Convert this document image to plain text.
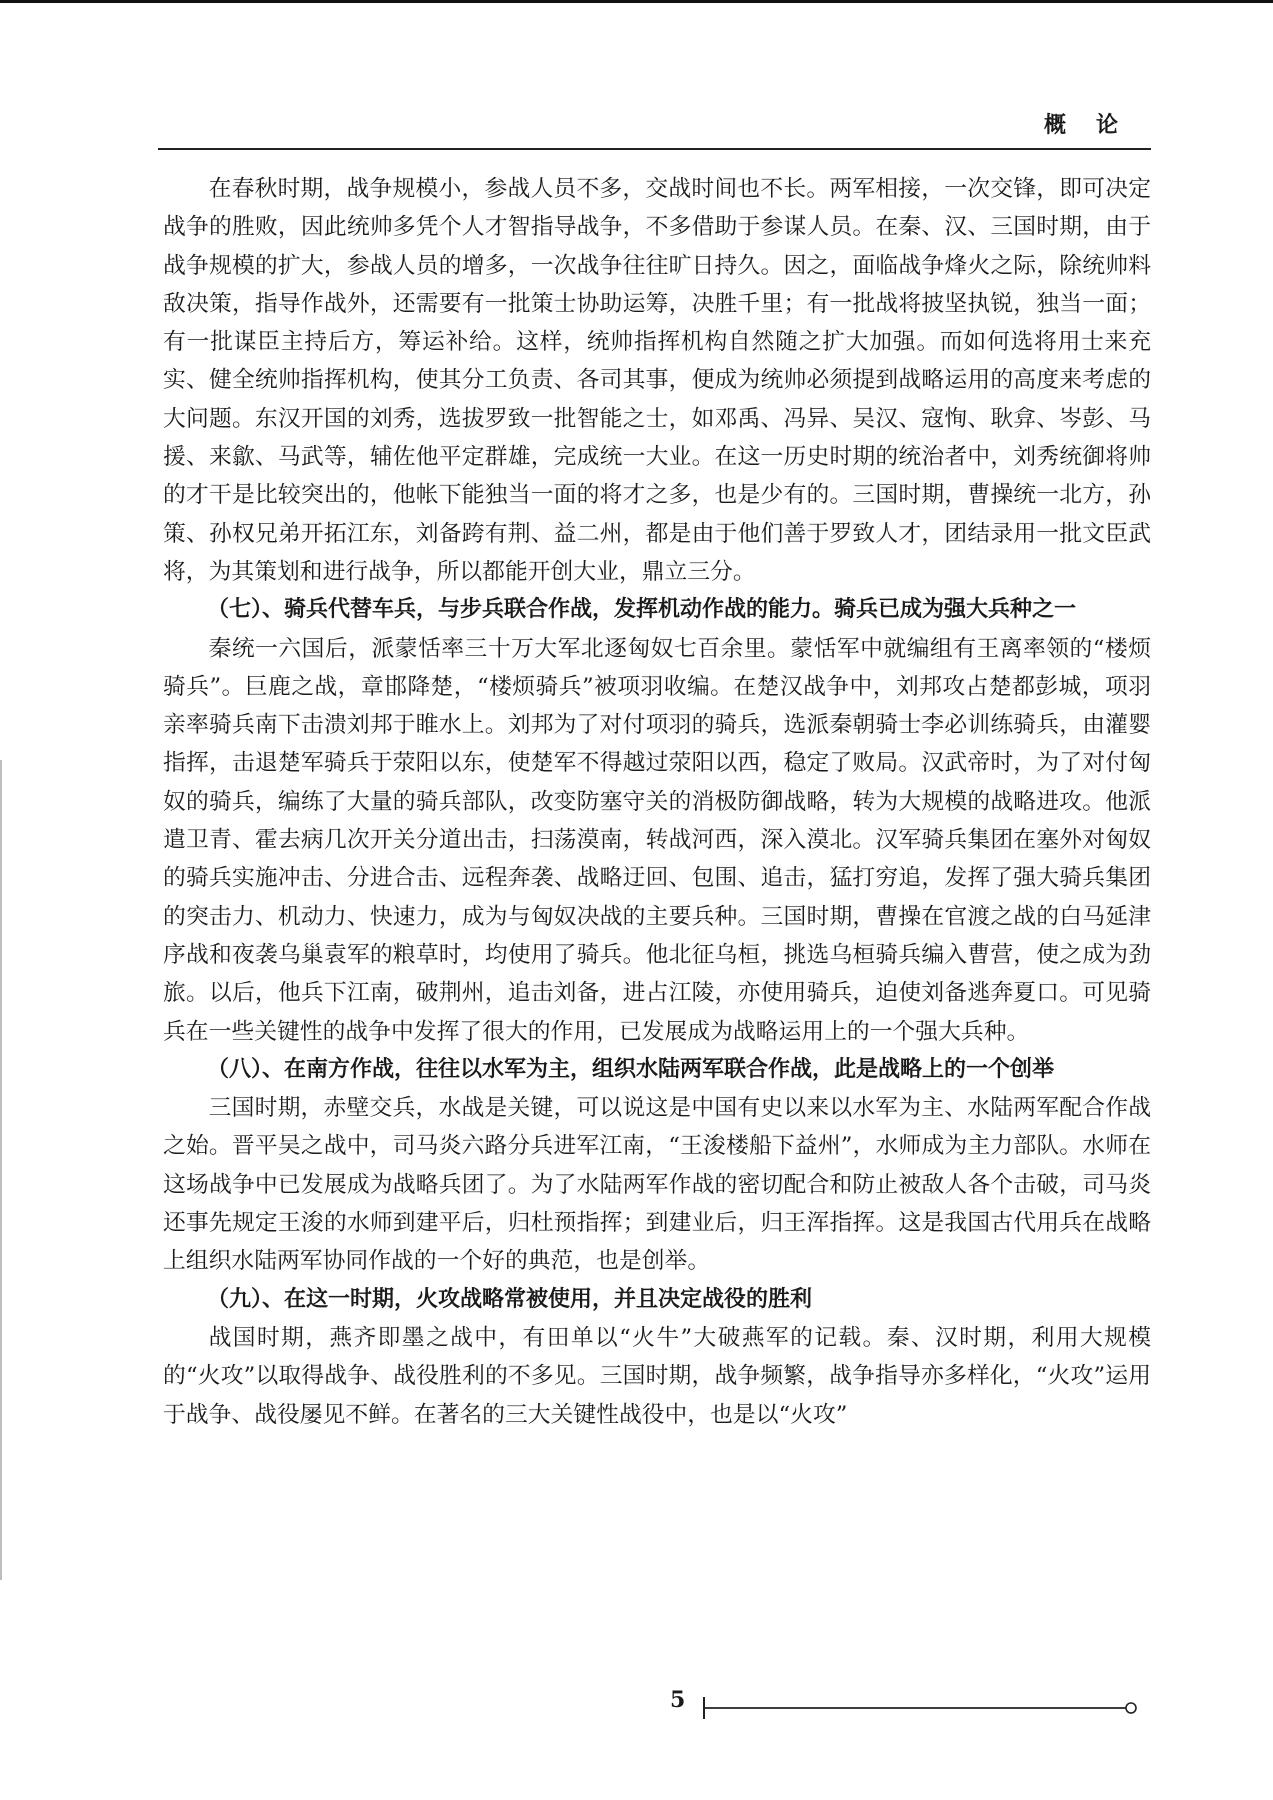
概论

在春秋时期，战争规模小，参战人员不多，交战时间也不长。两军相接，一次交锋，即可决定战争的胜败，因此统帅多凭个人才智指导战争，不多借助于参谋人员。在秦、汉、三国时期，由于战争规模的扩大，参战人员的增多，一次战争往往旷日持久。因之，面临战争烽火之际，除统帅料敌决策，指导作战外，还需要有一批策士协助运筹，决胜千里；有一批战将披坚执锐，独当一面；有一批谋臣主持后方，筹运补给。这样，统帅指挥机构自然随之扩大加强。而如何选将用士来充实、健全统帅指挥机构，使其分工负责、各司其事，便成为统帅必须提到战略运用的高度来考虑的大问题。东汉开国的刘秀，选拔罗致一批智能之士，如邓禹、冯异、吴汉、寇恂、耿弇、岑彭、马援、来歙、马武等，辅佐他平定群雄，完成统一大业。在这一历史时期的统治者中，刘秀统御将帅的才干是比较突出的，他帐下能独当一面的将才之多，也是少有的。三国时期，曹操统一北方，孙策、孙权兄弟开拓江东，刘备跨有荆、益二州，都是由于他们善于罗致人才，团结录用一批文臣武将，为其策划和进行战争，所以都能开创大业，鼎立三分。

（七）、骑兵代替车兵，与步兵联合作战，发挥机动作战的能力。骑兵已成为强大兵种之一

秦统一六国后，派蒙恬率三十万大军北逐匈奴七百余里。蒙恬军中就编组有王离率领的“楼烦骑兵”。巨鹿之战，章邯降楚，“楼烦骑兵”被项羽收编。在楚汉战争中，刘邦攻占楚都彭城，项羽亲率骑兵南下击溃刘邦于睢水上。刘邦为了对付项羽的骑兵，选派秦朝骑士李必训练骑兵，由灌婴指挥，击退楚军骑兵于荥阳以东，使楚军不得越过荥阳以西，稳定了败局。汉武帝时，为了对付匈奴的骑兵，编练了大量的骑兵部队，改变防塞守关的消极防御战略，转为大规模的战略进攻。他派遣卫青、霍去病几次开关分道出击，扫荡漠南，转战河西，深入漠北。汉军骑兵集团在塞外对匈奴的骑兵实施冲击、分进合击、远程奔袭、战略迂回、包围、追击，猛打穷追，发挥了强大骑兵集团的突击力、机动力、快速力，成为与匈奴决战的主要兵种。三国时期，曹操在官渡之战的白马延津序战和夜袭乌巢袁军的粮草时，均使用了骑兵。他北征乌桓，挑选乌桓骑兵编入曹营，使之成为劲旅。以后，他兵下江南，破荆州，追击刘备，进占江陵，亦使用骑兵，迫使刘备逃奔夏口。可见骑兵在一些关键性的战争中发挥了很大的作用，已发展成为战略运用上的一个强大兵种。

（八）、在南方作战，往往以水军为主，组织水陆两军联合作战，此是战略上的一个创举

三国时期，赤壁交兵，水战是关键，可以说这是中国有史以来以水军为主、水陆两军配合作战之始。晋平吴之战中，司马炎六路分兵进军江南，“王浚楼船下益州”，水师成为主力部队。水师在这场战争中已发展成为战略兵团了。为了水陆两军作战的密切配合和防止被敌人各个击破，司马炎还事先规定王浚的水师到建平后，归杜预指挥；到建业后，归王浑指挥。这是我国古代用兵在战略上组织水陆两军协同作战的一个好的典范，也是创举。

（九）、在这一时期，火攻战略常被使用，并且决定战役的胜利

战国时期，燕齐即墨之战中，有田单以“火牛”大破燕军的记载。秦、汉时期，利用大规模的“火攻”以取得战争、战役胜利的不多见。三国时期，战争频繁，战争指导亦多样化，“火攻”运用于战争、战役屡见不鲜。在著名的三大关键性战役中，也是以“火攻”

5
